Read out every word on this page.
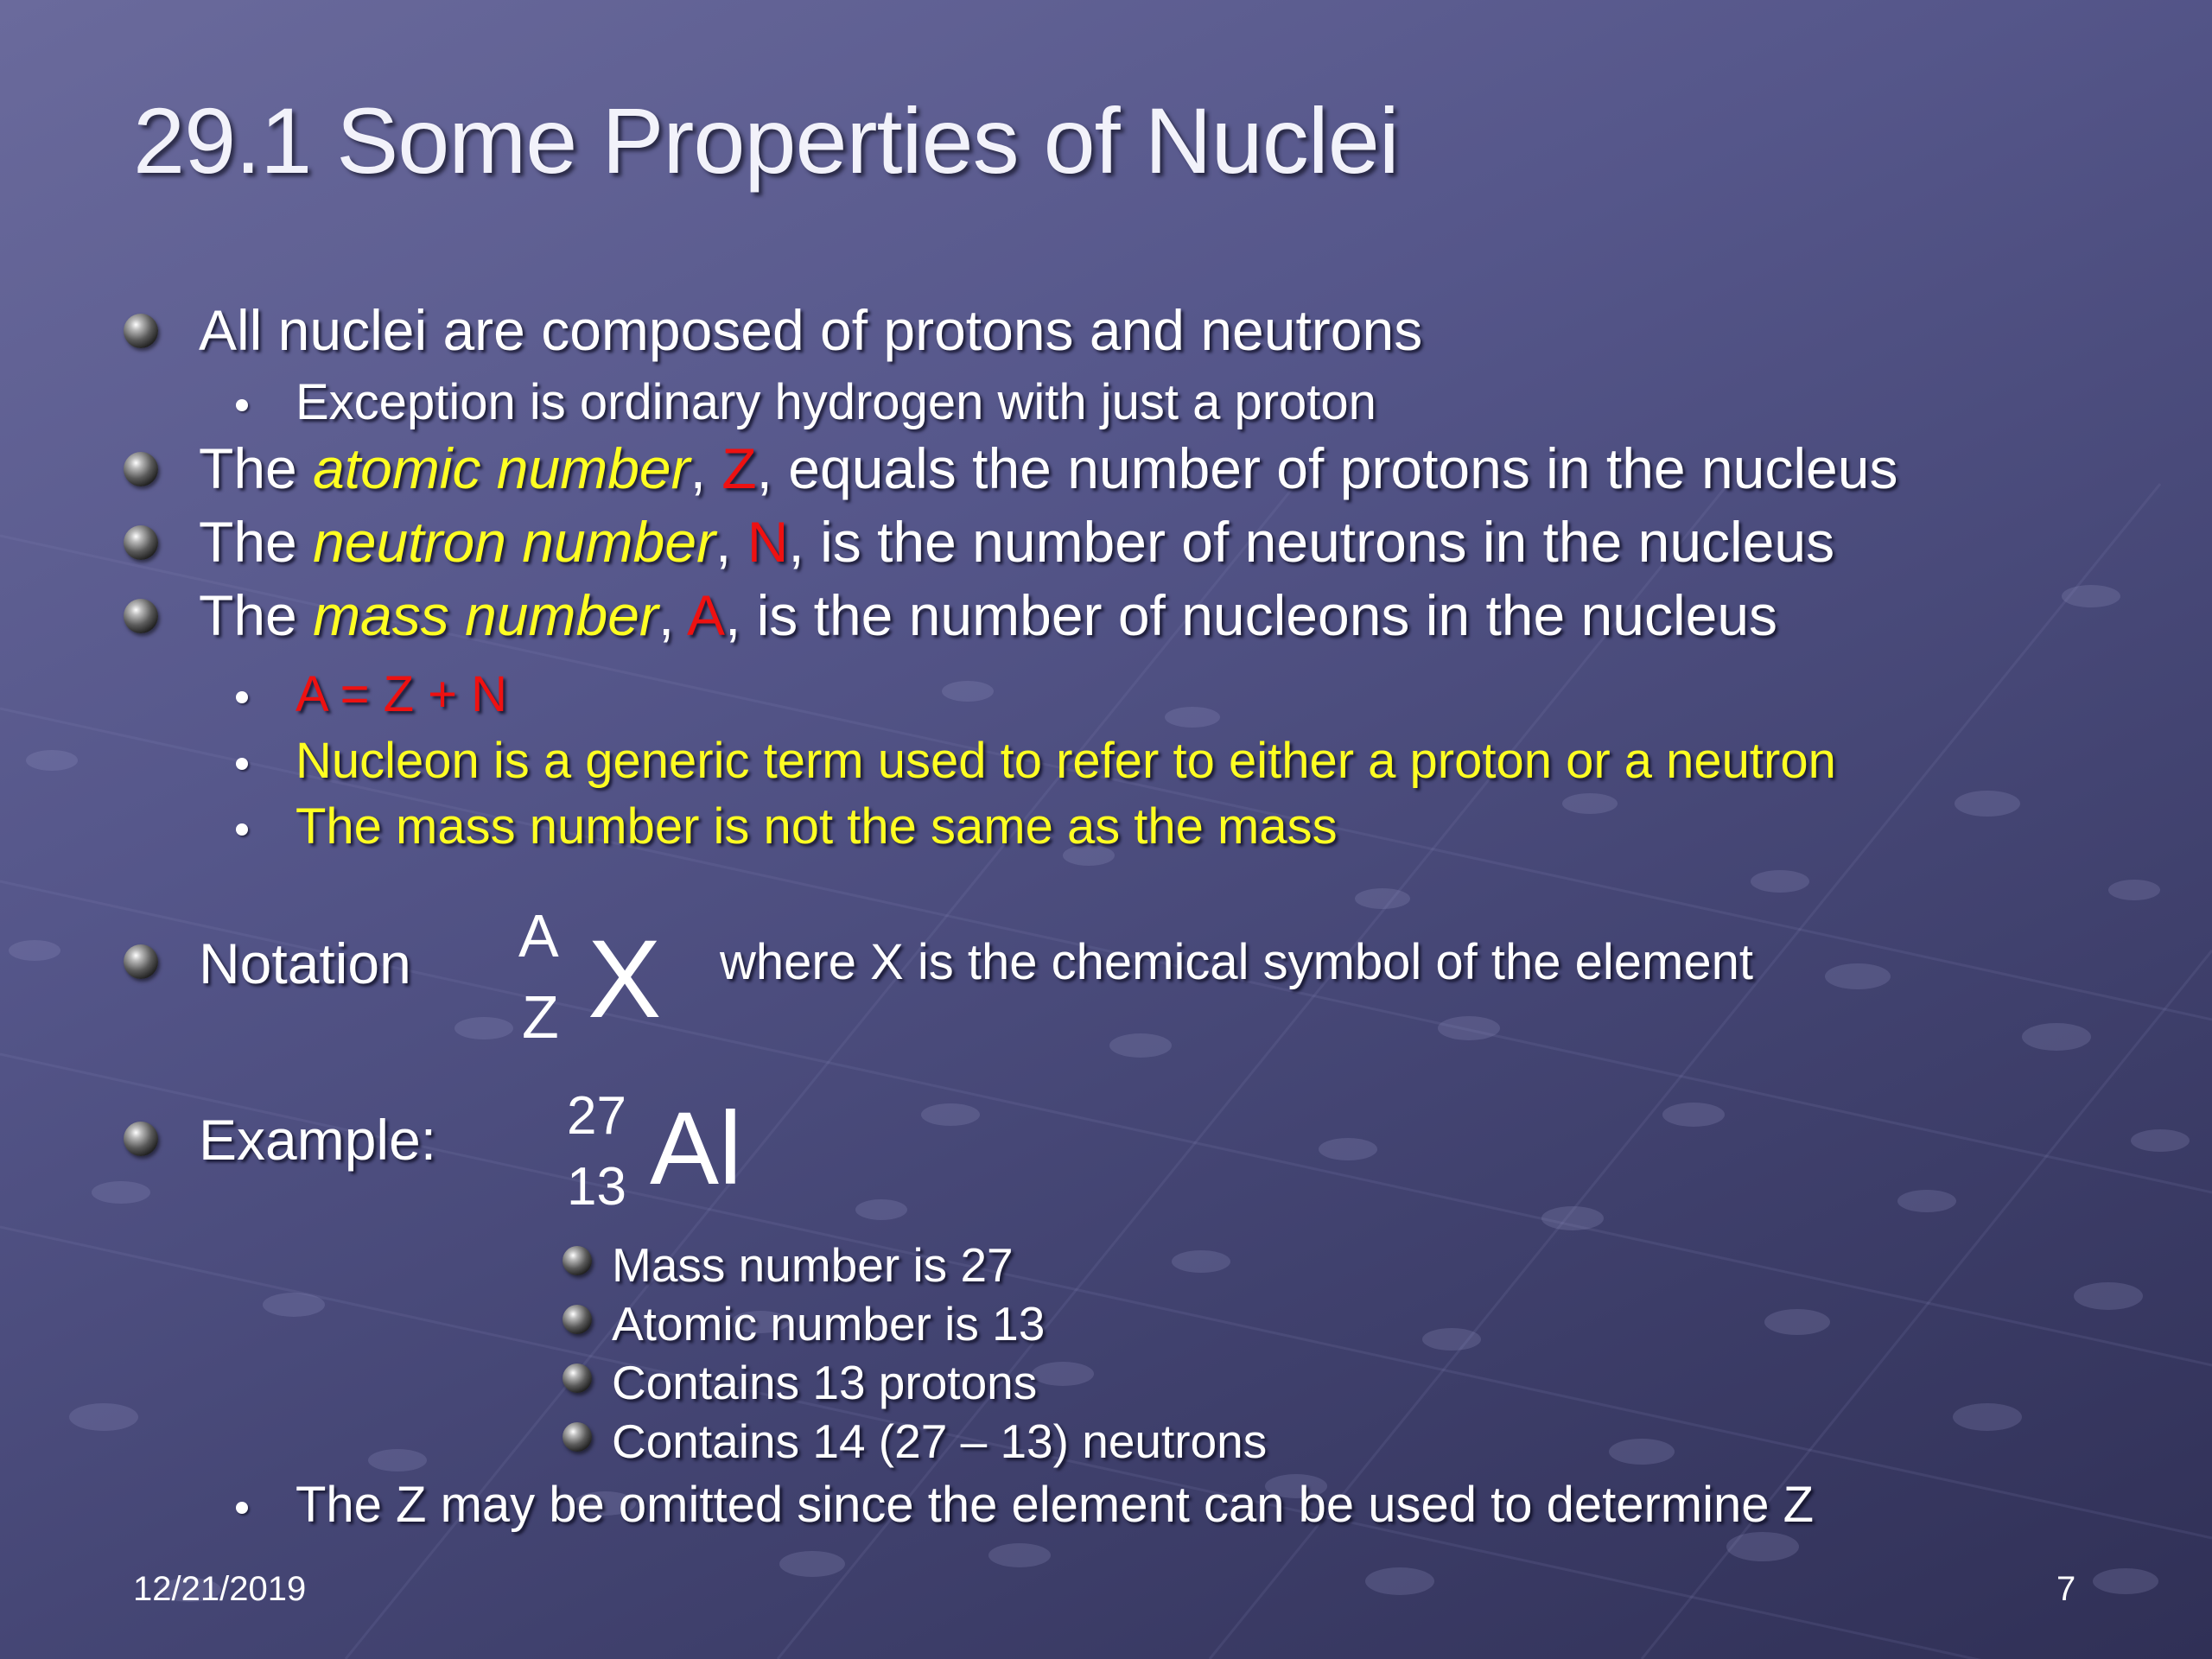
29.1 Some Properties of Nuclei
All nuclei are composed of protons and neutrons
Exception is ordinary hydrogen with just a proton
The atomic number, Z, equals the number of protons in the nucleus
The neutron number, N, is the number of neutrons in the nucleus
The mass number, A, is the number of nucleons in the nucleus
A = Z + N
Nucleon is a generic term used to refer to either a proton or a neutron
The mass number is not the same as the mass
Notation A
Z X where X is the chemical symbol of the element
Example: 27
13 Al
Mass number is 27
Atomic number is 13
Contains 13 protons
Contains 14 (27 – 13) neutrons
The Z may be omitted since the element can be used to determine Z
12/21/2019	7
